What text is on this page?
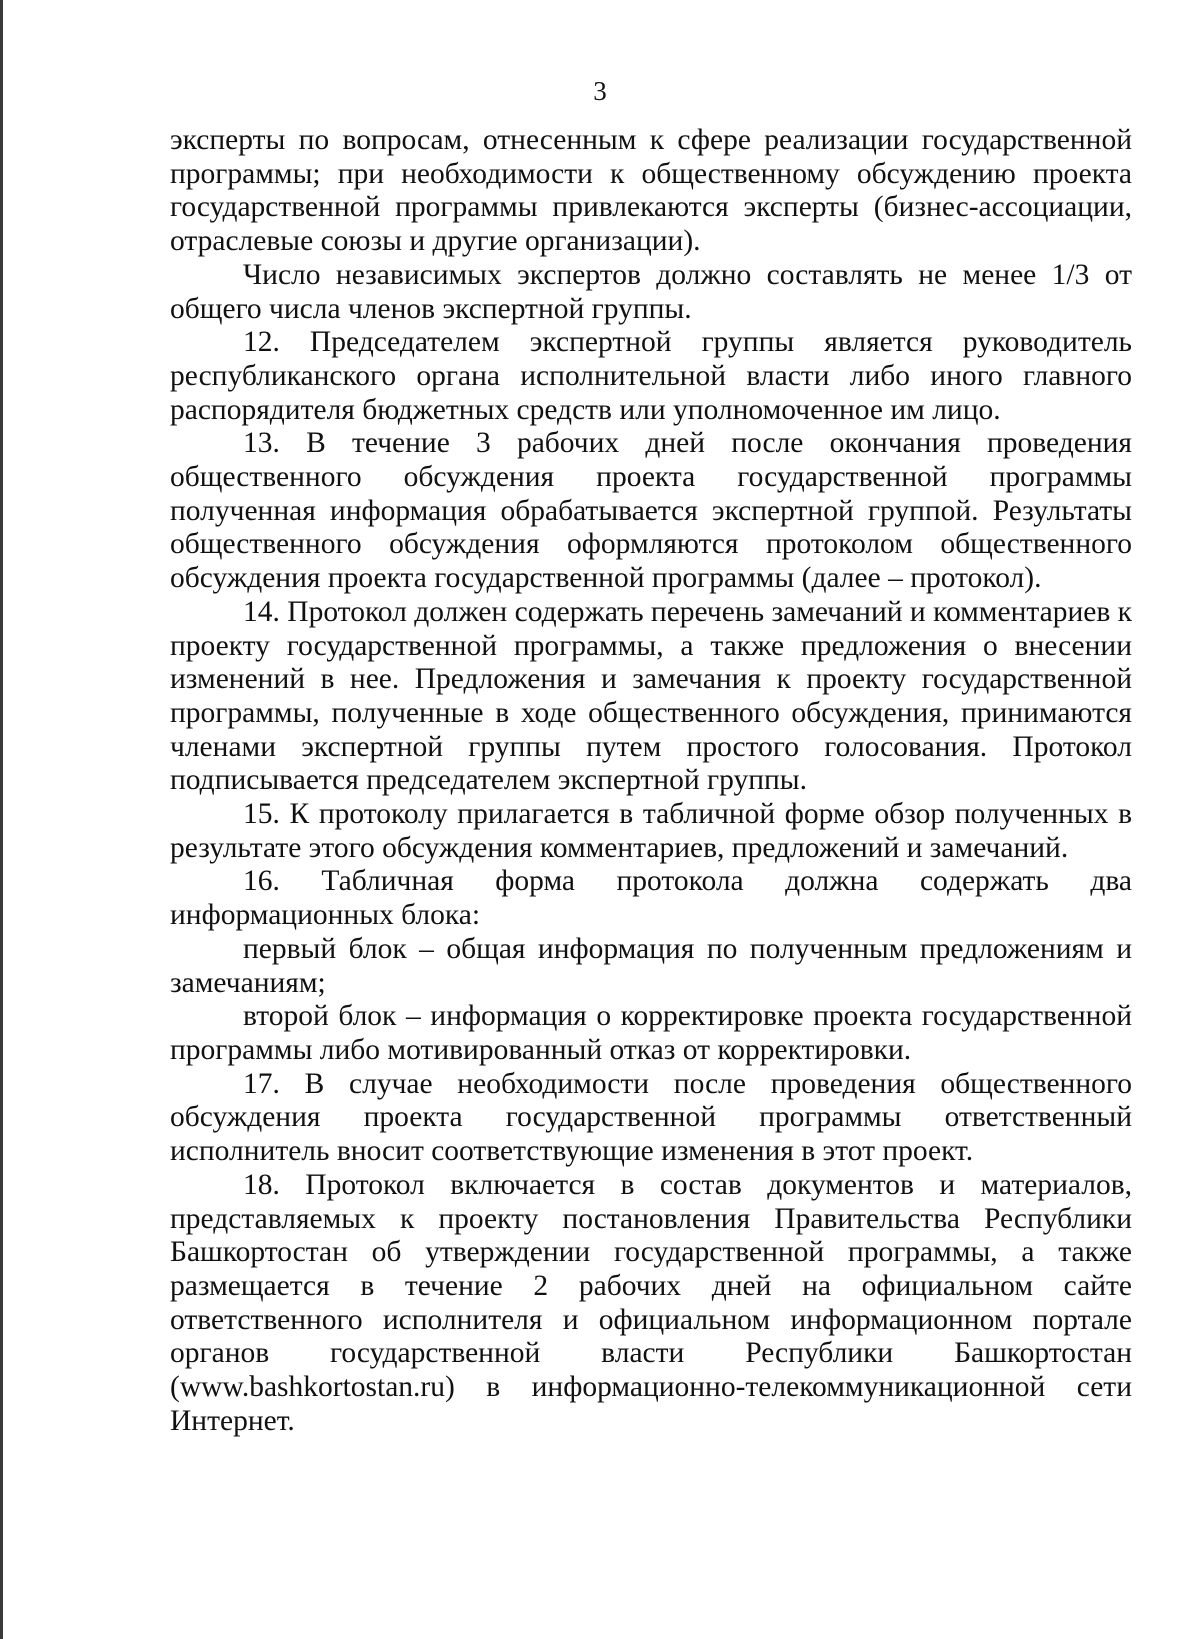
3

эксперты по вопросам, отнесенным к сфере реализации государственной программы; при необходимости к общественному обсуждению проекта государственной программы привлекаются эксперты (бизнес-ассоциации, отраслевые союзы и другие организации).

Число независимых экспертов должно составлять не менее 1/3 от общего числа членов экспертной группы.

12. Председателем экспертной группы является руководитель республиканского органа исполнительной власти либо иного главного распорядителя бюджетных средств или уполномоченное им лицо.

13. В течение 3 рабочих дней после окончания проведения общественного обсуждения проекта государственной программы полученная информация обрабатывается экспертной группой. Результаты общественного обсуждения оформляются протоколом общественного обсуждения проекта государственной программы (далее – протокол).

14. Протокол должен содержать перечень замечаний и комментариев к проекту государственной программы, а также предложения о внесении изменений в нее. Предложения и замечания к проекту государственной программы, полученные в ходе общественного обсуждения, принимаются членами экспертной группы путем простого голосования. Протокол подписывается председателем экспертной группы.

15. К протоколу прилагается в табличной форме обзор полученных в результате этого обсуждения комментариев, предложений и замечаний.

16. Табличная форма протокола должна содержать два информационных блока:

первый блок – общая информация по полученным предложениям и замечаниям;

второй блок – информация о корректировке проекта государственной программы либо мотивированный отказ от корректировки.

17. В случае необходимости после проведения общественного обсуждения проекта государственной программы ответственный исполнитель вносит соответствующие изменения в этот проект.

18. Протокол включается в состав документов и материалов, представляемых к проекту постановления Правительства Республики Башкортостан об утверждении государственной программы, а также размещается в течение 2 рабочих дней на официальном сайте ответственного исполнителя и официальном информационном портале органов государственной власти Республики Башкортостан (www.bashkortostan.ru) в информационно-телекоммуникационной сети Интернет.
